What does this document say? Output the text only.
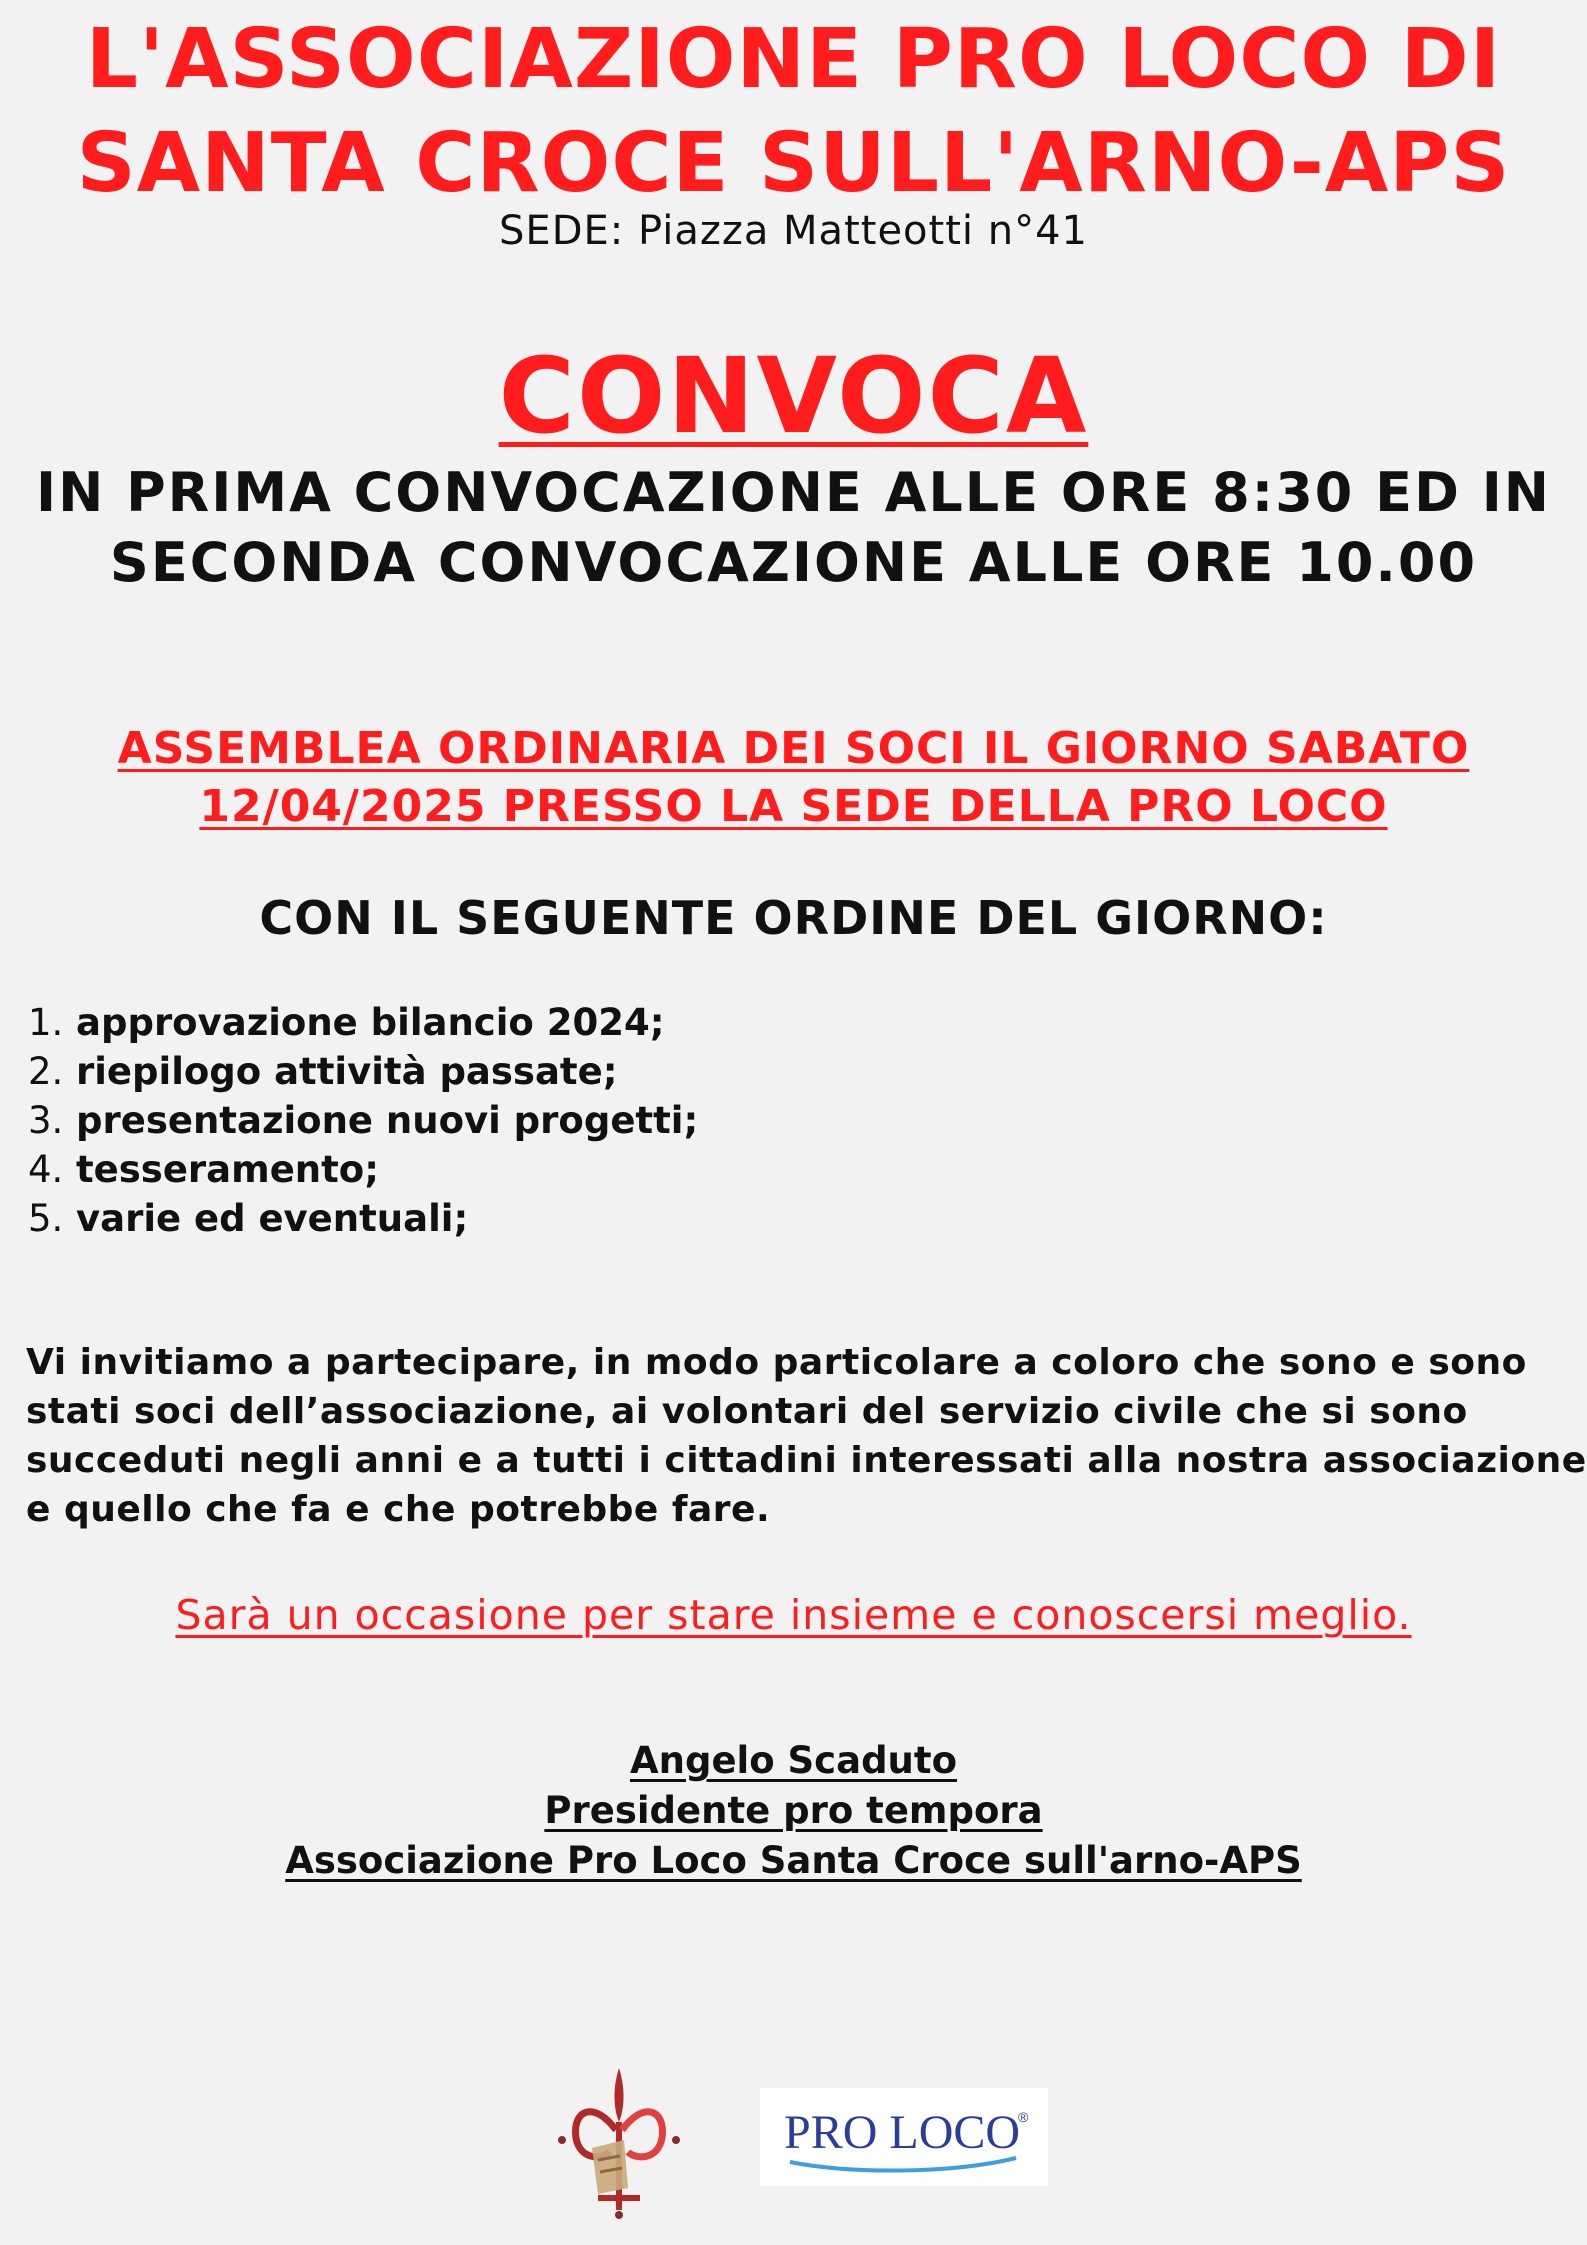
L'ASSOCIAZIONE PRO LOCO DI
SANTA CROCE SULL'ARNO-APS
SEDE: Piazza Matteotti n°41
CONVOCA
IN PRIMA CONVOCAZIONE ALLE ORE 8:30 ED IN
SECONDA CONVOCAZIONE ALLE ORE 10.00
ASSEMBLEA ORDINARIA DEI SOCI IL GIORNO SABATO
12/04/2025 PRESSO LA SEDE DELLA PRO LOCO
CON IL SEGUENTE ORDINE DEL GIORNO:
1. approvazione bilancio 2024;
2. riepilogo attività passate;
3. presentazione nuovi progetti;
4. tesseramento;
5. varie ed eventuali;
Vi invitiamo a partecipare, in modo particolare a coloro che sono e sono
stati soci dell’associazione, ai volontari del servizio civile che si sono
succeduti negli anni e a tutti i cittadini interessati alla nostra associazione
e quello che fa e che potrebbe fare.
Sarà un occasione per stare insieme e conoscersi meglio.
Angelo Scaduto
Presidente pro tempora
Associazione Pro Loco Santa Croce sull'arno-APS
PRO LOCO
®
